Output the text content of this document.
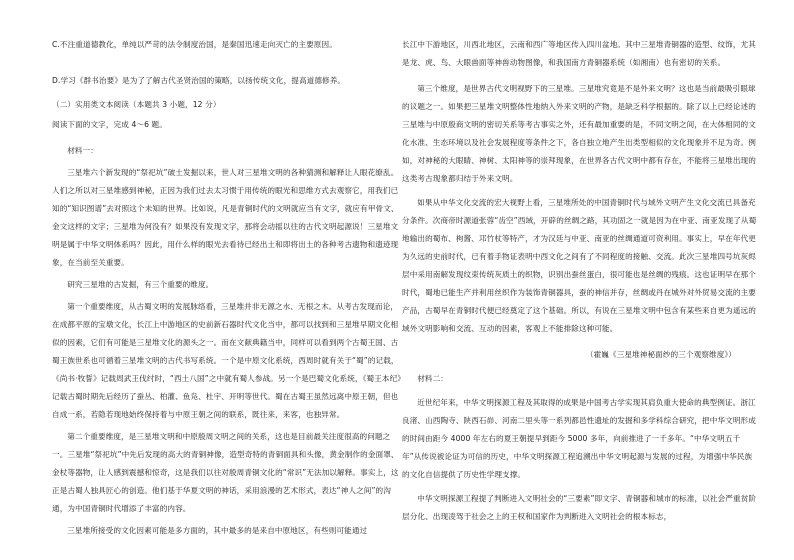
C.不注重道德教化，单纯以严苛的法令制度治国，是秦国迅速走向灭亡的主要原因。

D.学习《群书治要》是为了了解古代圣贤治国的策略，以扬传统文化，提高道德修养。

（二）实用类文本阅读（本题共 3 小题，12 分）

阅读下面的文字，完成 4～6 题。

材料一：

三星堆六个新发现的“祭祀坑”破土发掘以来，世人对三星堆文明的各种猜测和解释让人眼花缭乱。人们之所以对三星堆感到神秘，正因为我们过去太习惯于用传统的眼光和思维方式去观察它，用我们已知的“知识图谱”去对照这个未知的世界。比如说，凡是青铜时代的文明就应当有文字，就应有甲骨文、金文这样的文字；三星堆为何没有？如果没有发现文字，那将会动摇以往的古代文明起源说！三星堆文明是属于中华文明体系吗？因此，用什么样的眼光去看待已经出土和即将出土的各种考古遗物和遗迹现象，在当前至关重要。

研究三星堆的古发掘，有三个重要的维度。

第一个重要维度，从古蜀文明的发展脉络看，三星堆并非无源之水、无根之木。从考古发现而论，在成都平原的宝墩文化，长江上中游地区的史前新石器时代文化当中，都可以找到和三星堆早期文化相似的因素，它们有可能是三星堆文化的源头之一。而在文献典籍当中，同样可以看到两个古蜀王国、古蜀王族世系也可循着三星堆文明的古代书写系统。一个是中原文化系统，西周时就有关于“蜀”的记载，《尚书·牧誓》记载周武王伐纣时，“西土八国”之中就有蜀人参战。另一个是巴蜀文化系统，《蜀王本纪》记载古蜀时期先后经历了蚕丛、柏灌、鱼凫、杜宇、开明等世代。蜀在古蜀王虽然远离中原王朝，但也自成一系，若隐若现地始终保持着与中原王朝之间的联系，既往来，来客，也独异常。

第二个重要维度，是三星堆文明和中原殷周文明之间的关系，这也是目前最关注度很高的问题之一。三星堆“祭祀坑”中先后发现的高大的青铜神像，造型奇特的青铜面具和头像，黄金制作的金面罩、金杖等器物，让人感到震撼和惊奇，这是我们以往对殷周青铜文化的“常识”无法加以解释。事实上，这正是古蜀人独具匠心的创造。他们基于华夏文明的神话，采用浪漫的艺术形式，表达“神人之间”的沟通，为中国青铜时代增添了丰富的内容。

三星堆所接受的文化因素可能是多方面的，其中最多的是来自中原地区，有些则可能通过

长江中下游地区，川西北地区，云南和西广等地区传入四川盆地。其中三星堆青铜器的造型、纹饰，尤其是龙、虎、鸟、大眼兽面等神兽动物图像，和我国南方青铜器系统（如湘南）也有密切的关系。

第三个维度，是世界古代文明视野下的三星堆。三星堆究竟是不是外来文明？这也是当前最吸引眼球的议题之一。如果把三星堆文明整体性地纳入外来文明的产物，是缺乏科学根据的。除了以上已经论述的三星堆与中原殷商文明的密切关系等考古事实之外，还有最加重要的是，不同文明之间，在大体相同的文化水准、生态环境以及社会发展程度等条件之下，各自独立地产生出类型相似的文化现象并不足为奇。例如，对神秘的大眼睛、神树、太阳神等的崇拜现象，在世界各古代文明中都有存在，不能将三星堆出现的这类考古现象都归结于外来文明。

如果从中华文化交流的宏大视野上看，三星堆所处的中国青铜时代与域外文明产生文化交流已具备充分条件。次商帝时源道张蓉“齿空”西域，开辟的丝绸之路，其功固之一就是因为在中亚、南亚发现了从蜀地输出的蜀布、枸酱、邛竹杖等特产，才为汉廷与中亚、南亚的丝绸通道可资利用。事实上，早在年代更为久远的史前时代，已有着手物证表明中西文化之间有了不同程度的接触、交流。此次三星堆四号坑灰烬层中采用南解发现纹束传统灰质土的织物，识别出蚕丝蛋白，很可能也是丝绸的残痕。这也证明早在那个时代，蜀地已能生产并利用丝织作为装饰青铜器具，蚕的神信并存，丝绸或丹在城外对外贸易交流的主要产品，古蜀早在青铜时代便已经奠定了这个基础。所以，有说在三星堆文明中包含有某些来自更为遥远的域外文明影响和交流、互动的因素，客观上不能排除这种可能。

（霍巍《三星堆神秘面纱的三个观察维度》）

材料二：

近世纪年来，中华文明探源工程及其取得的成果是中国考古学实现其肩负重大使命的典型例证。浙江良渚、山西陶寺、陕西石峁、河南二里头等一系列都邑性遗址的发掘和多学科综合研究，把中华文明形成的时间由距今 4000 年左右的夏王朝提早到距今 5000 多年，向前推进了一千多年。“中华文明五千年”从传说被论证为可信的历史，中华文明探源工程追溯出中华文明起源与发展的过程，为增强中华民族的文化自信提供了历史性学理支撑。

中华文明探源工程提了判断进入文明社会的“三要素”即文字、青铜器和城市的标准，以社会严重贫阶层分化、出现凌驾于社会之上的王权和国家作为判断进入文明社会的根本标志，
